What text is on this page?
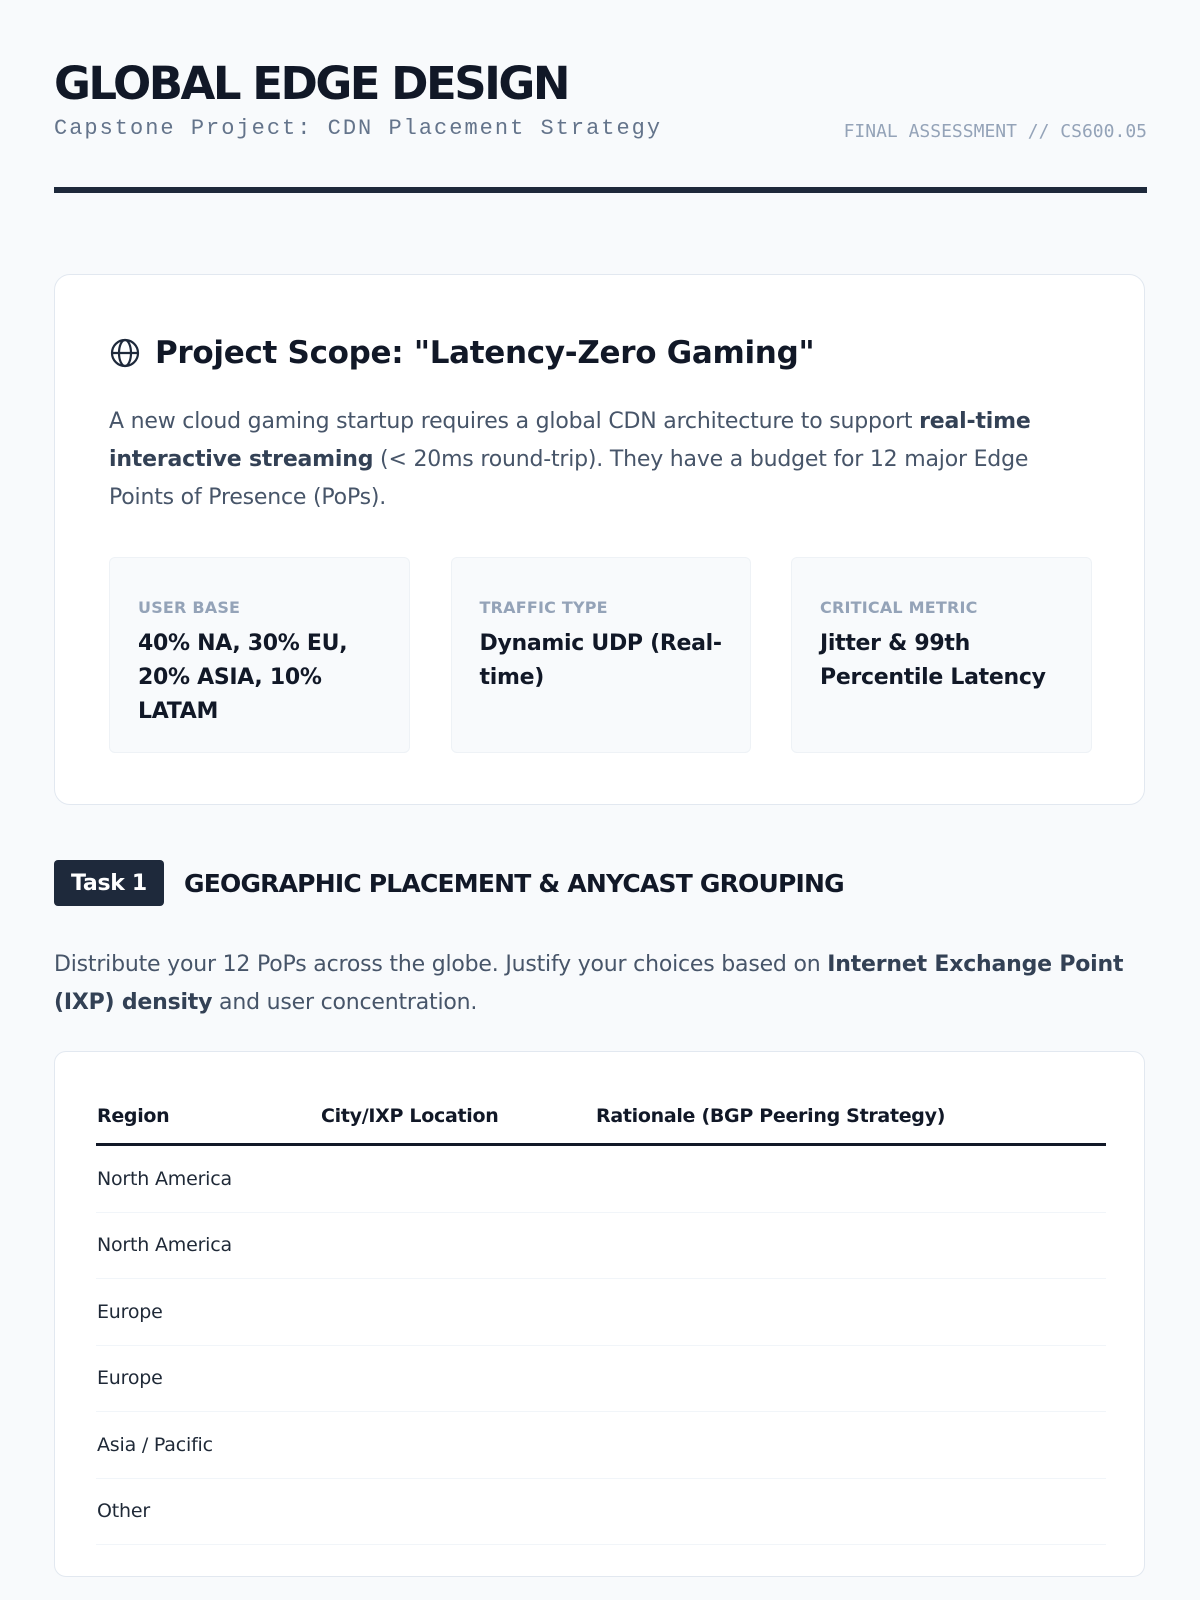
GLOBAL EDGE DESIGN
Capstone Project: CDN Placement Strategy	FINAL ASSESSMENT // CS600.05
Project Scope: "Latency-Zero Gaming"

A new cloud gaming startup requires a global CDN architecture to support real-time interactive streaming (< 20ms round-trip). They have a budget for 12 major Edge Points of Presence (PoPs).

USER BASE
40% NA, 30% EU, 20% ASIA, 10% LATAM
TRAFFIC TYPE
Dynamic UDP (Real-time)
CRITICAL METRIC
Jitter & 99th Percentile Latency
Task 1	GEOGRAPHIC PLACEMENT & ANYCAST GROUPING

Distribute your 12 PoPs across the globe. Justify your choices based on Internet Exchange Point (IXP) density and user concentration.

Region	City/IXP Location	Rationale (BGP Peering Strategy)
North America		
North America		
Europe		
Europe		
Asia / Pacific		
Other		
